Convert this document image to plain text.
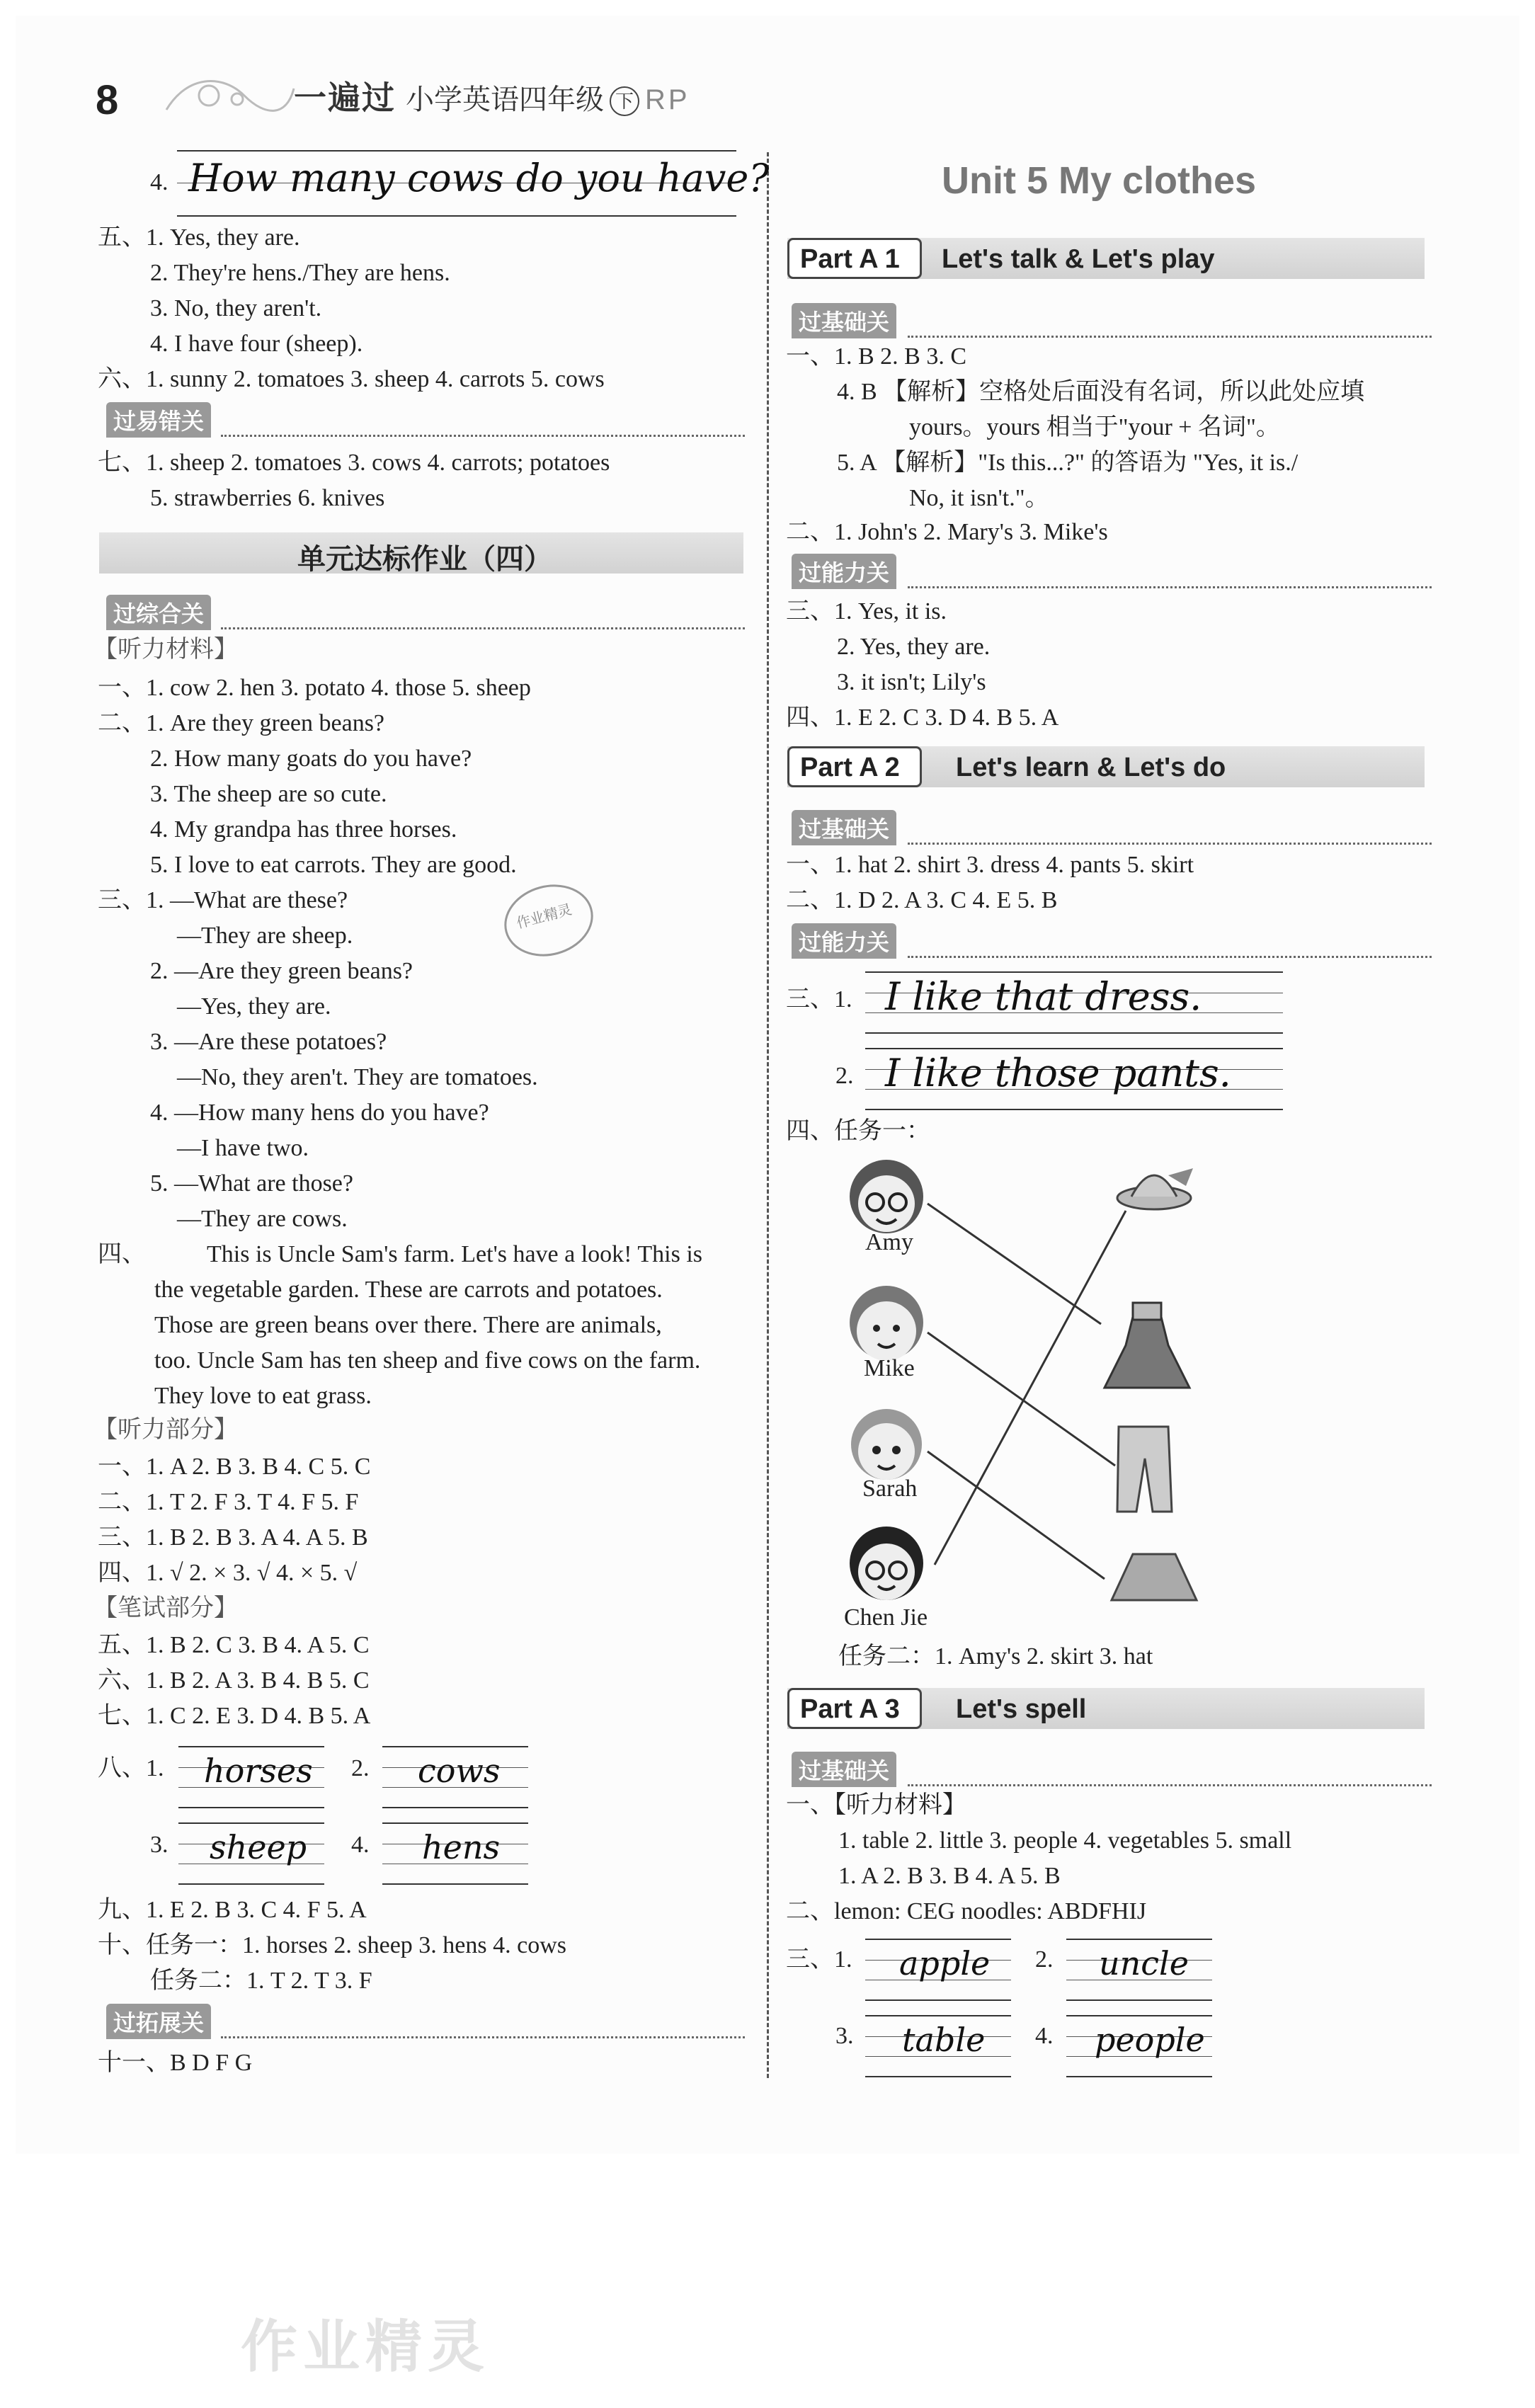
8	一遍过 小学英语四年级 下 RP
4. How many cows do you have?
五、1. Yes, they are.
2. They're hens./They are hens.
3. No, they aren't.
4. I have four (sheep).
六、1. sunny 2. tomatoes 3. sheep 4. carrots 5. cows
过易错关
七、1. sheep 2. tomatoes 3. cows 4. carrots; potatoes
5. strawberries 6. knives
单元达标作业（四）
过综合关
【听力材料】
一、1. cow 2. hen 3. potato 4. those 5. sheep
二、1. Are they green beans?
2. How many goats do you have?
3. The sheep are so cute.
4. My grandpa has three horses.
5. I love to eat carrots. They are good.
三、1. —What are these?
—They are sheep.
2. —Are they green beans?
—Yes, they are.
3. —Are these potatoes?
—No, they aren't. They are tomatoes.
4. —How many hens do you have?
—I have two.
5. —What are those?
—They are cows.
作业精灵
四、	This is Uncle Sam's farm. Let's have a look! This is
the vegetable garden. These are carrots and potatoes.
Those are green beans over there. There are animals,
too. Uncle Sam has ten sheep and five cows on the farm.
They love to eat grass.
【听力部分】
一、1. A 2. B 3. B 4. C 5. C
二、1. T 2. F 3. T 4. F 5. F
三、1. B 2. B 3. A 4. A 5. B
四、1. √ 2. × 3. √ 4. × 5. √
【笔试部分】
五、1. B 2. C 3. B 4. A 5. C
六、1. B 2. A 3. B 4. B 5. C
七、1. C 2. E 3. D 4. B 5. A
八、1. horses 2. cows
3. sheep 4. hens
九、1. E 2. B 3. C 4. F 5. A
十、任务一：1. horses 2. sheep 3. hens 4. cows
任务二：1. T 2. T 3. F
过拓展关
十一、B D F G
Unit 5 My clothes
Part A 1 Let's talk & Let's play
过基础关
一、1. B 2. B 3. C
4. B 【解析】空格处后面没有名词，所以此处应填
yours。yours 相当于"your + 名词"。
5. A 【解析】"Is this...?" 的答语为 "Yes, it is./
No, it isn't."。
二、1. John's 2. Mary's 3. Mike's
过能力关
三、1. Yes, it is.
2. Yes, they are.
3. it isn't; Lily's
四、1. E 2. C 3. D 4. B 5. A
Part A 2 Let's learn & Let's do
过基础关
一、1. hat 2. shirt 3. dress 4. pants 5. skirt
二、1. D 2. A 3. C 4. E 5. B
过能力关
三、1. I like that dress.
2. I like those pants.
四、任务一：
Amy
Mike
Sarah
Chen Jie
任务二：1. Amy's 2. skirt 3. hat
Part A 3 Let's spell
过基础关
一、【听力材料】
1. table 2. little 3. people 4. vegetables 5. small
1. A 2. B 3. B 4. A 5. B
二、lemon: CEG noodles: ABDFHIJ
三、1. apple 2. uncle
3. table 4. people
作业精灵
